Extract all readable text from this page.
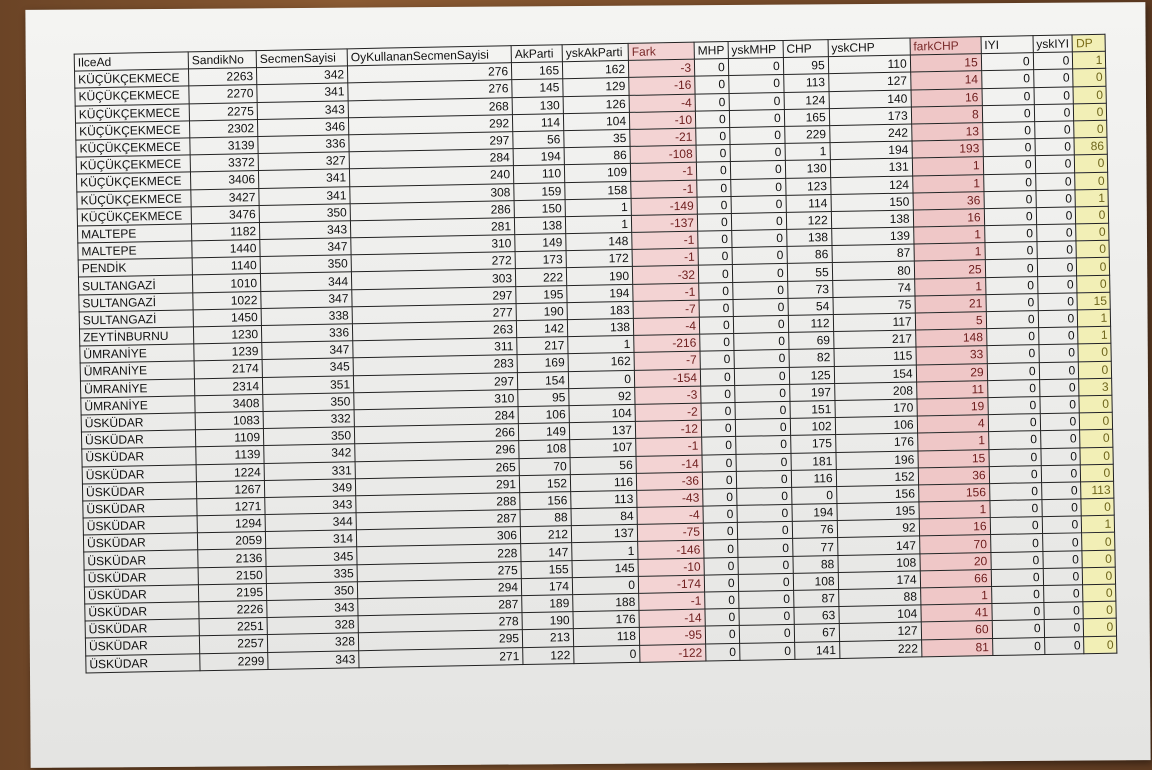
IlceAd	SandikNo	SecmenSayisi	OyKullananSecmenSayisi	AkParti	yskAkParti	Fark	MHP	yskMHP	CHP	yskCHP	farkCHP	IYI	yskIYI	DP
KÜÇÜKÇEKMECE	2263	342	276	165	162	-3	0	0	95	110	15	0	0	1
KÜÇÜKÇEKMECE	2270	341	276	145	129	-16	0	0	113	127	14	0	0	0
KÜÇÜKÇEKMECE	2275	343	268	130	126	-4	0	0	124	140	16	0	0	0
KÜÇÜKÇEKMECE	2302	346	292	114	104	-10	0	0	165	173	8	0	0	0
KÜÇÜKÇEKMECE	3139	336	297	56	35	-21	0	0	229	242	13	0	0	0
KÜÇÜKÇEKMECE	3372	327	284	194	86	-108	0	0	1	194	193	0	0	86
KÜÇÜKÇEKMECE	3406	341	240	110	109	-1	0	0	130	131	1	0	0	0
KÜÇÜKÇEKMECE	3427	341	308	159	158	-1	0	0	123	124	1	0	0	0
KÜÇÜKÇEKMECE	3476	350	286	150	1	-149	0	0	114	150	36	0	0	1
MALTEPE	1182	343	281	138	1	-137	0	0	122	138	16	0	0	0
MALTEPE	1440	347	310	149	148	-1	0	0	138	139	1	0	0	0
PENDİK	1140	350	272	173	172	-1	0	0	86	87	1	0	0	0
SULTANGAZİ	1010	344	303	222	190	-32	0	0	55	80	25	0	0	0
SULTANGAZİ	1022	347	297	195	194	-1	0	0	73	74	1	0	0	0
SULTANGAZİ	1450	338	277	190	183	-7	0	0	54	75	21	0	0	15
ZEYTİNBURNU	1230	336	263	142	138	-4	0	0	112	117	5	0	0	1
ÜMRANİYE	1239	347	311	217	1	-216	0	0	69	217	148	0	0	1
ÜMRANİYE	2174	345	283	169	162	-7	0	0	82	115	33	0	0	0
ÜMRANİYE	2314	351	297	154	0	-154	0	0	125	154	29	0	0	0
ÜMRANİYE	3408	350	310	95	92	-3	0	0	197	208	11	0	0	3
ÜSKÜDAR	1083	332	284	106	104	-2	0	0	151	170	19	0	0	0
ÜSKÜDAR	1109	350	266	149	137	-12	0	0	102	106	4	0	0	0
ÜSKÜDAR	1139	342	296	108	107	-1	0	0	175	176	1	0	0	0
ÜSKÜDAR	1224	331	265	70	56	-14	0	0	181	196	15	0	0	0
ÜSKÜDAR	1267	349	291	152	116	-36	0	0	116	152	36	0	0	0
ÜSKÜDAR	1271	343	288	156	113	-43	0	0	0	156	156	0	0	113
ÜSKÜDAR	1294	344	287	88	84	-4	0	0	194	195	1	0	0	0
ÜSKÜDAR	2059	314	306	212	137	-75	0	0	76	92	16	0	0	1
ÜSKÜDAR	2136	345	228	147	1	-146	0	0	77	147	70	0	0	0
ÜSKÜDAR	2150	335	275	155	145	-10	0	0	88	108	20	0	0	0
ÜSKÜDAR	2195	350	294	174	0	-174	0	0	108	174	66	0	0	0
ÜSKÜDAR	2226	343	287	189	188	-1	0	0	87	88	1	0	0	0
ÜSKÜDAR	2251	328	278	190	176	-14	0	0	63	104	41	0	0	0
ÜSKÜDAR	2257	328	295	213	118	-95	0	0	67	127	60	0	0	0
ÜSKÜDAR	2299	343	271	122	0	-122	0	0	141	222	81	0	0	0
